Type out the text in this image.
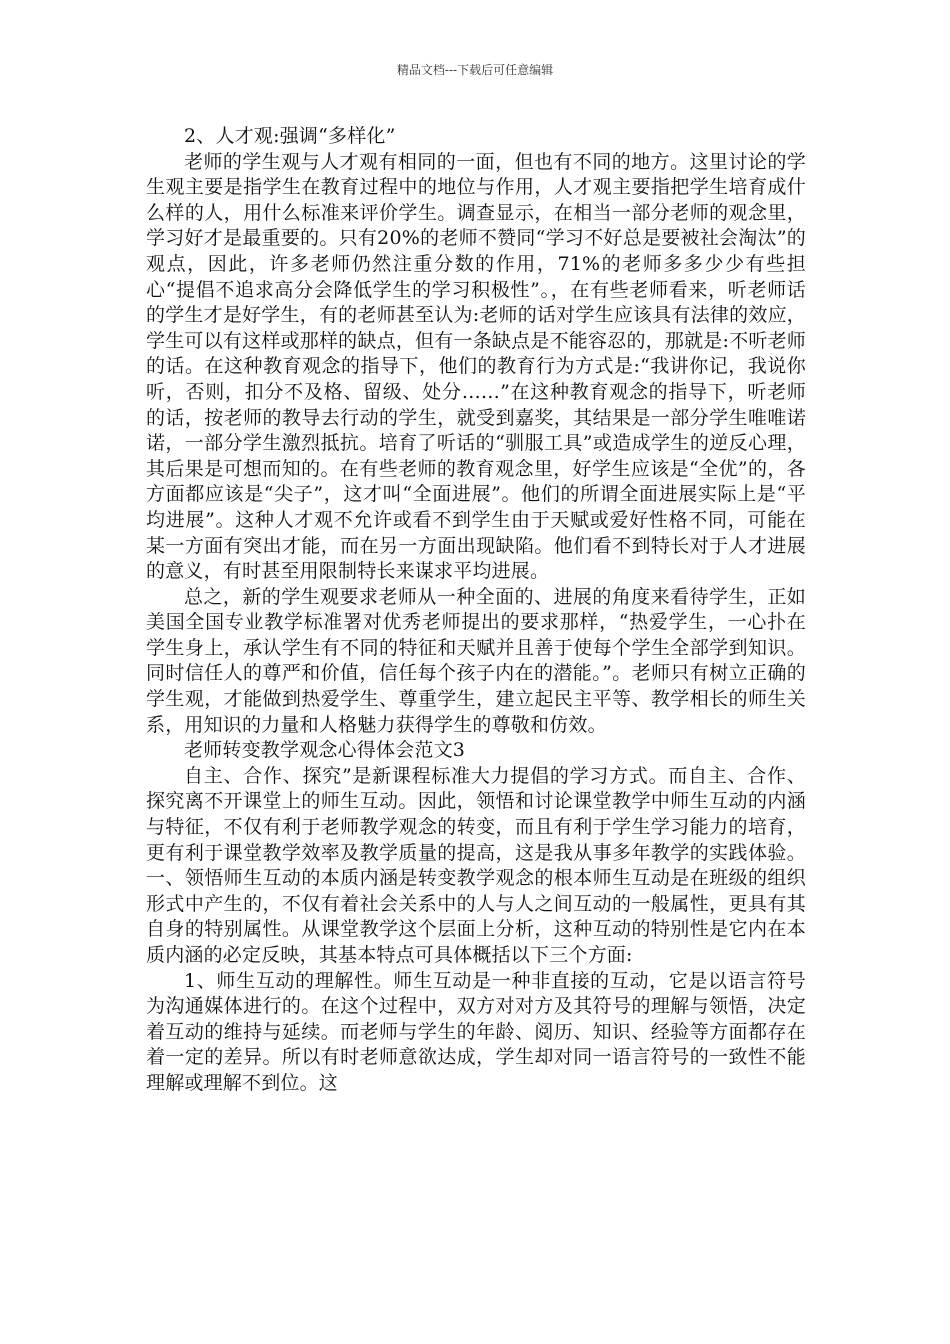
精品文档---下载后可任意编辑

2、人才观:强调“多样化”

老师的学生观与人才观有相同的一面，但也有不同的地方。这里讨论的学生观主要是指学生在教育过程中的地位与作用，人才观主要指把学生培育成什么样的人，用什么标准来评价学生。调查显示，在相当一部分老师的观念里，学习好才是最重要的。只有20%的老师不赞同“学习不好总是要被社会淘汰”的观点，因此，许多老师仍然注重分数的作用，71%的老师多多少少有些担心“提倡不追求高分会降低学生的学习积极性”。，在有些老师看来，听老师话的学生才是好学生，有的老师甚至认为:老师的话对学生应该具有法律的效应，学生可以有这样或那样的缺点，但有一条缺点是不能容忍的，那就是:不听老师的话。在这种教育观念的指导下，他们的教育行为方式是:“我讲你记，我说你听，否则，扣分不及格、留级、处分……”在这种教育观念的指导下，听老师的话，按老师的教导去行动的学生，就受到嘉奖，其结果是一部分学生唯唯诺诺，一部分学生激烈抵抗。培育了听话的“驯服工具”或造成学生的逆反心理，其后果是可想而知的。在有些老师的教育观念里，好学生应该是“全优”的，各方面都应该是“尖子”，这才叫“全面进展”。他们的所谓全面进展实际上是“平均进展”。这种人才观不允许或看不到学生由于天赋或爱好性格不同，可能在某一方面有突出才能，而在另一方面出现缺陷。他们看不到特长对于人才进展的意义，有时甚至用限制特长来谋求平均进展。

总之，新的学生观要求老师从一种全面的、进展的角度来看待学生，正如美国全国专业教学标准署对优秀老师提出的要求那样，“热爱学生，一心扑在学生身上，承认学生有不同的特征和天赋并且善于使每个学生全部学到知识。同时信任人的尊严和价值，信任每个孩子内在的潜能。”。老师只有树立正确的学生观，才能做到热爱学生、尊重学生，建立起民主平等、教学相长的师生关系，用知识的力量和人格魅力获得学生的尊敬和仿效。

老师转变教学观念心得体会范文3

自主、合作、探究”是新课程标准大力提倡的学习方式。而自主、合作、探究离不开课堂上的师生互动。因此，领悟和讨论课堂教学中师生互动的内涵与特征，不仅有利于老师教学观念的转变，而且有利于学生学习能力的培育，更有利于课堂教学效率及教学质量的提高，这是我从事多年教学的实践体验。一、领悟师生互动的本质内涵是转变教学观念的根本师生互动是在班级的组织形式中产生的，不仅有着社会关系中的人与人之间互动的一般属性，更具有其自身的特别属性。从课堂教学这个层面上分析，这种互动的特别性是它内在本质内涵的必定反映，其基本特点可具体概括以下三个方面:

1、师生互动的理解性。师生互动是一种非直接的互动，它是以语言符号为沟通媒体进行的。在这个过程中，双方对对方及其符号的理解与领悟，决定着互动的维持与延续。而老师与学生的年龄、阅历、知识、经验等方面都存在着一定的差异。所以有时老师意欲达成，学生却对同一语言符号的一致性不能理解或理解不到位。这
